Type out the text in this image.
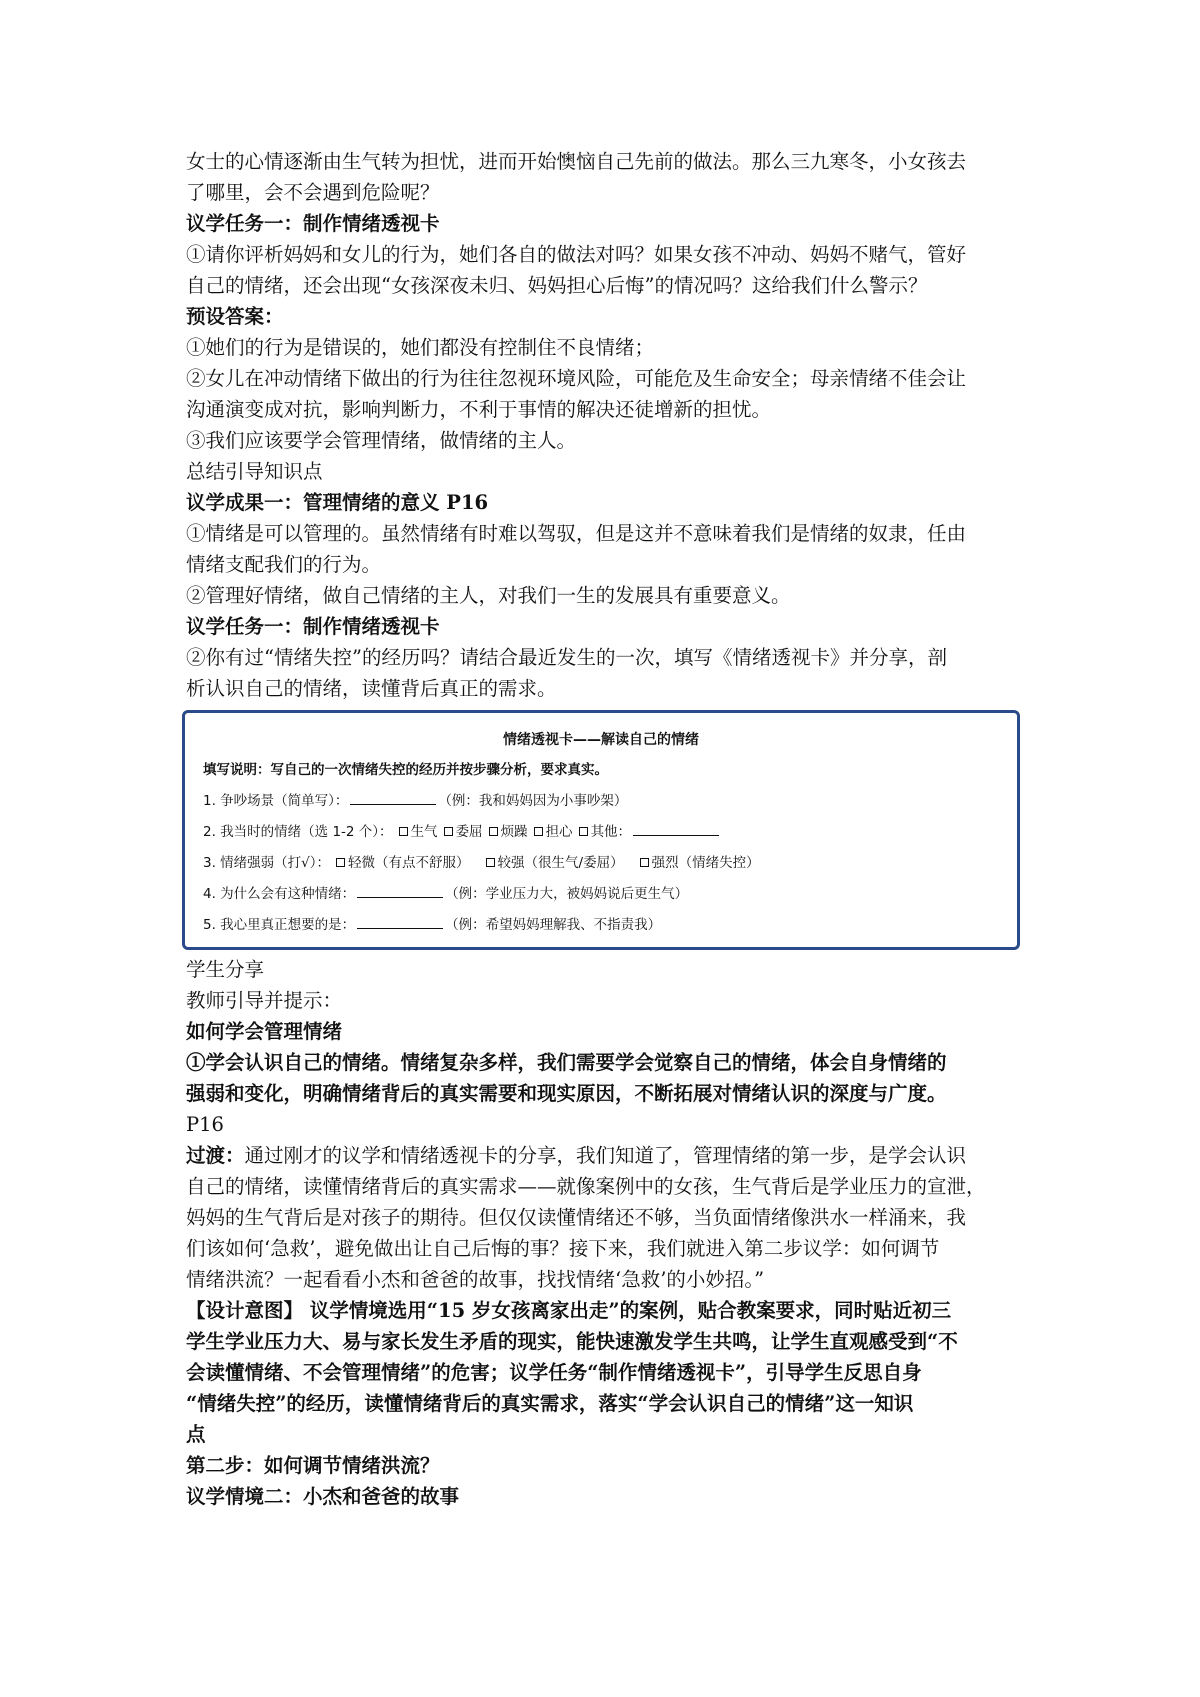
女士的心情逐渐由生气转为担忧，进而开始懊恼自己先前的做法。那么三九寒冬，小女孩去
了哪里，会不会遇到危险呢？
议学任务一：制作情绪透视卡
①请你评析妈妈和女儿的行为，她们各自的做法对吗？如果女孩不冲动、妈妈不赌气，管好
自己的情绪，还会出现“女孩深夜未归、妈妈担心后悔”的情况吗？这给我们什么警示？
预设答案：
①她们的行为是错误的，她们都没有控制住不良情绪；
②女儿在冲动情绪下做出的行为往往忽视环境风险，可能危及生命安全；母亲情绪不佳会让
沟通演变成对抗，影响判断力，不利于事情的解决还徒增新的担忧。
③我们应该要学会管理情绪，做情绪的主人。
总结引导知识点
议学成果一：管理情绪的意义 P16
①情绪是可以管理的。虽然情绪有时难以驾驭，但是这并不意味着我们是情绪的奴隶，任由
情绪支配我们的行为。
②管理好情绪，做自己情绪的主人，对我们一生的发展具有重要意义。
议学任务一：制作情绪透视卡
②你有过“情绪失控”的经历吗？请结合最近发生的一次，填写《情绪透视卡》并分享，剖
析认识自己的情绪，读懂背后真正的需求。
情绪透视卡——解读自己的情绪
填写说明：写自己的一次情绪失控的经历并按步骤分析，要求真实。
1. 争吵场景（简单写）：	（例：我和妈妈因为小事吵架）
2. 我当时的情绪（选 1-2 个）： 生气 委屈 烦躁 担心 其他：
3. 情绪强弱（打√）： 轻微（有点不舒服） 较强（很生气/委屈） 强烈（情绪失控）
4. 为什么会有这种情绪：	（例：学业压力大，被妈妈说后更生气）
5. 我心里真正想要的是：	（例：希望妈妈理解我、不指责我）
学生分享
教师引导并提示：
如何学会管理情绪
①学会认识自己的情绪。情绪复杂多样，我们需要学会觉察自己的情绪，体会自身情绪的
强弱和变化，明确情绪背后的真实需要和现实原因，不断拓展对情绪认识的深度与广度。
P16
过渡：通过刚才的议学和情绪透视卡的分享，我们知道了，管理情绪的第一步，是学会认识
自己的情绪，读懂情绪背后的真实需求——就像案例中的女孩，生气背后是学业压力的宣泄，
妈妈的生气背后是对孩子的期待。但仅仅读懂情绪还不够，当负面情绪像洪水一样涌来，我
们该如何‘急救’，避免做出让自己后悔的事？接下来，我们就进入第二步议学：如何调节
情绪洪流？一起看看小杰和爸爸的故事，找找情绪‘急救’的小妙招。”
【设计意图】 议学情境选用“15 岁女孩离家出走”的案例，贴合教案要求，同时贴近初三
学生学业压力大、易与家长发生矛盾的现实，能快速激发学生共鸣，让学生直观感受到“不
会读懂情绪、不会管理情绪”的危害；议学任务“制作情绪透视卡”，引导学生反思自身
“情绪失控”的经历，读懂情绪背后的真实需求，落实“学会认识自己的情绪”这一知识
点
第二步：如何调节情绪洪流？
议学情境二：小杰和爸爸的故事
